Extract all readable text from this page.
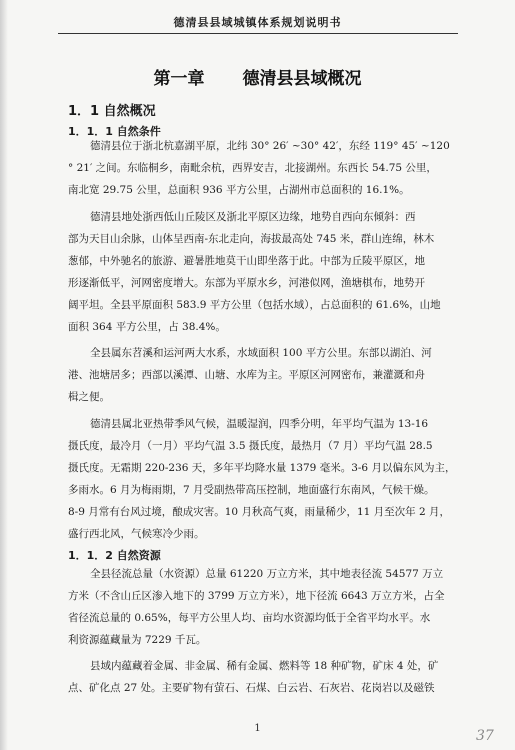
德清县县域城镇体系规划说明书
第一章 德清县县域概况
1．1 自然概况
1．1．1 自然条件
德清县位于浙北杭嘉湖平原，北纬 30° 26′ ~30° 42′，东经 119° 45′ ~120
° 21′ 之间。东临桐乡，南毗余杭，西界安吉，北接湖州。东西长 54.75 公里，
南北宽 29.75 公里，总面积 936 平方公里，占湖州市总面积的 16.1%。
德清县地处浙西低山丘陵区及浙北平原区边缘，地势自西向东倾斜：西
部为天目山余脉，山体呈西南-东北走向，海拔最高处 745 米，群山连绵，林木
葱郁，中外驰名的旅游、避暑胜地莫干山即坐落于此。中部为丘陵平原区，地
形逐渐低平，河网密度增大。东部为平原水乡，河港似网，渔塘棋布，地势开
阔平坦。全县平原面积 583.9 平方公里（包括水域），占总面积的 61.6%，山地
面积 364 平方公里，占 38.4%。
全县属东苕溪和运河两大水系，水域面积 100 平方公里。东部以湖泊、河
港、池塘居多；西部以溪潭、山塘、水库为主。平原区河网密布，兼灌溉和舟
楫之便。
德清县属北亚热带季风气候，温暖湿润，四季分明，年平均气温为 13-16
摄氏度，最冷月（一月）平均气温 3.5 摄氏度，最热月（7 月）平均气温 28.5
摄氏度。无霜期 220-236 天，多年平均降水量 1379 毫米。3-6 月以偏东风为主，
多雨水。6 月为梅雨期，7 月受副热带高压控制，地面盛行东南风，气候干燥。
8-9 月常有台风过境，酿成灾害。10 月秋高气爽，雨量稀少，11 月至次年 2 月，
盛行西北风，气候寒冷少雨。
1．1．2 自然资源
全县径流总量（水资源）总量 61220 万立方米，其中地表径流 54577 万立
方米（不含山丘区渗入地下的 3799 万立方米），地下径流 6643 万立方米，占全
省径流总量的 0.65%，每平方公里人均、亩均水资源均低于全省平均水平。水
利资源蕴藏量为 7229 千瓦。
县域内蕴藏着金属、非金属、稀有金属、燃料等 18 种矿物，矿床 4 处，矿
点、矿化点 27 处。主要矿物有萤石、石煤、白云岩、石灰岩、花岗岩以及磁铁
1	37
